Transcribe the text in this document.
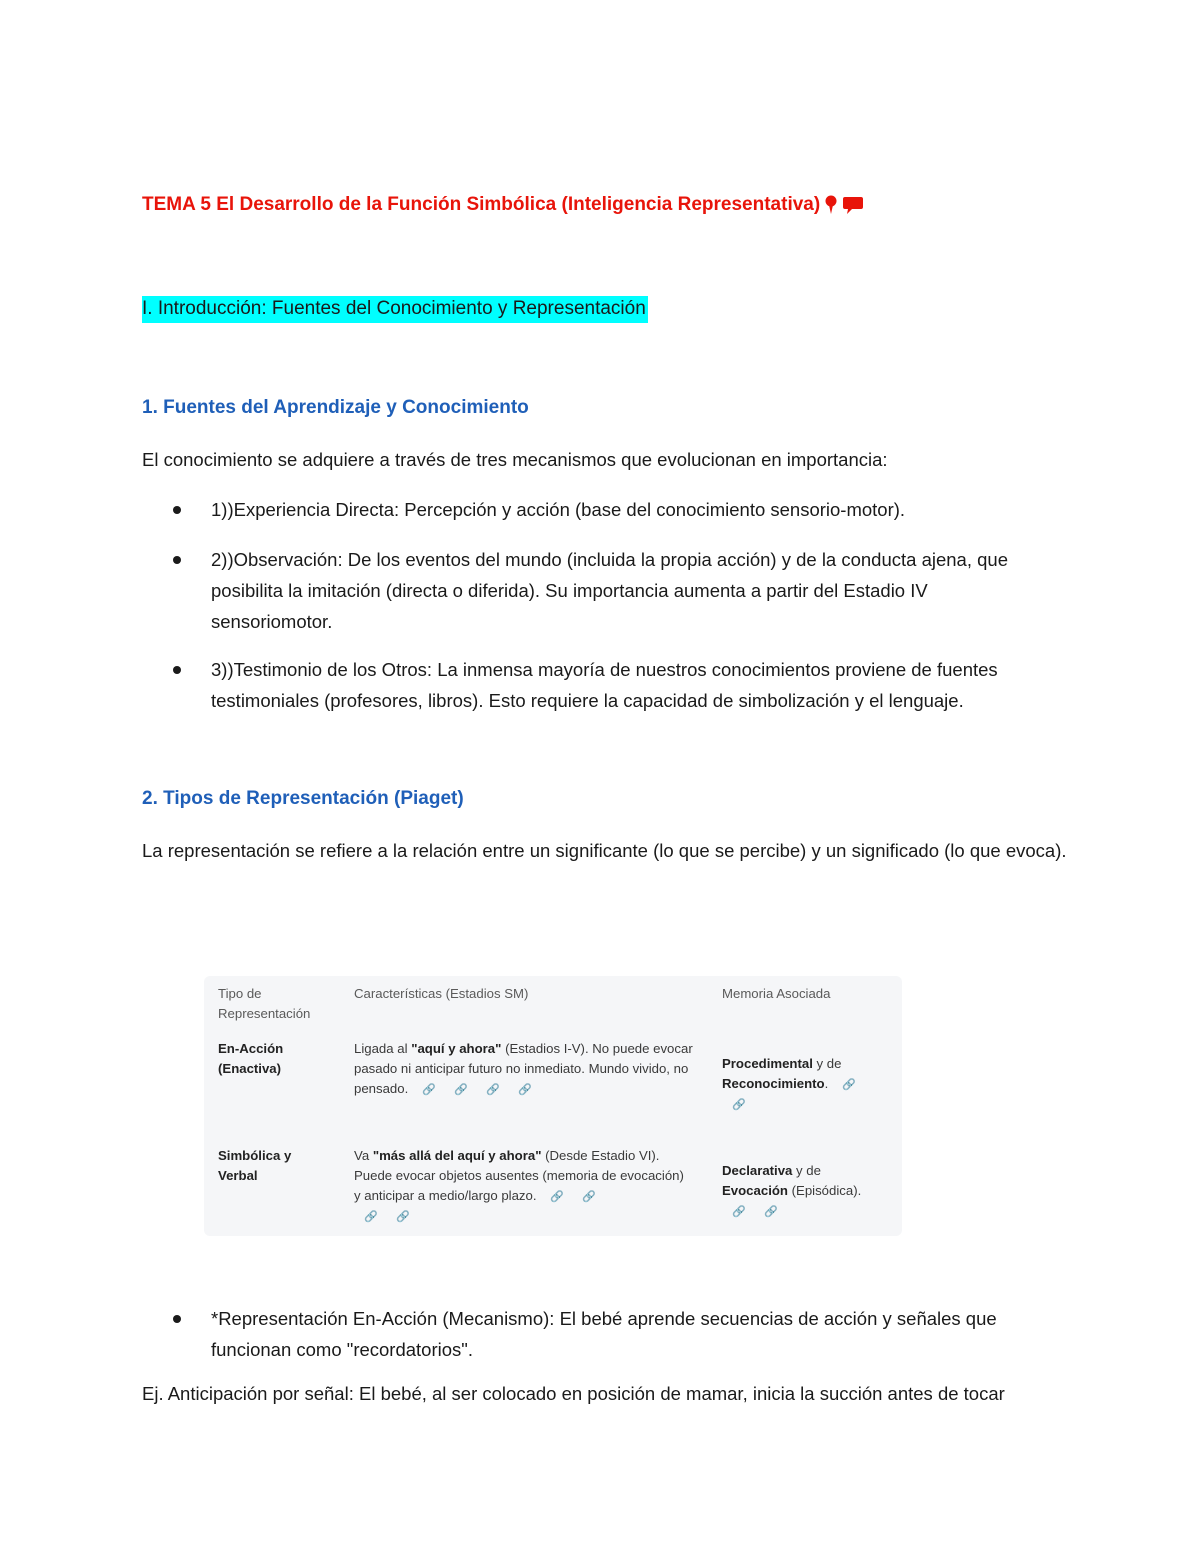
TEMA 5 El Desarrollo de la Función Simbólica (Inteligencia Representativa)
I. Introducción: Fuentes del Conocimiento y Representación
1. Fuentes del Aprendizaje y Conocimiento
El conocimiento se adquiere a través de tres mecanismos que evolucionan en importancia:
1))Experiencia Directa: Percepción y acción (base del conocimiento sensorio-motor).
2))Observación: De los eventos del mundo (incluida la propia acción) y de la conducta ajena, que posibilita la imitación (directa o diferida). Su importancia aumenta a partir del Estadio IV sensoriomotor.
3))Testimonio de los Otros: La inmensa mayoría de nuestros conocimientos proviene de fuentes testimoniales (profesores, libros). Esto requiere la capacidad de simbolización y el lenguaje.
2. Tipos de Representación (Piaget)
La representación se refiere a la relación entre un significante (lo que se percibe) y un significado (lo que evoca).
Tipo de Representación
Características (Estadios SM)	Memoria Asociada
En-Acción (Enactiva)
Ligada al "aquí y ahora" (Estadios I-V). No puede evocar pasado ni anticipar futuro no inmediato. Mundo vivido, no pensado. 🔗 🔗 🔗 🔗
Procedimental y de Reconocimiento. 🔗
🔗
Simbólica y Verbal
Va "más allá del aquí y ahora" (Desde Estadio VI). Puede evocar objetos ausentes (memoria de evocación) y anticipar a medio/largo plazo. 🔗 🔗
🔗 🔗
Declarativa y de Evocación (Episódica).
🔗 🔗
*Representación En-Acción (Mecanismo): El bebé aprende secuencias de acción y señales que funcionan como "recordatorios".
Ej. Anticipación por señal: El bebé, al ser colocado en posición de mamar, inicia la succión antes de tocar
